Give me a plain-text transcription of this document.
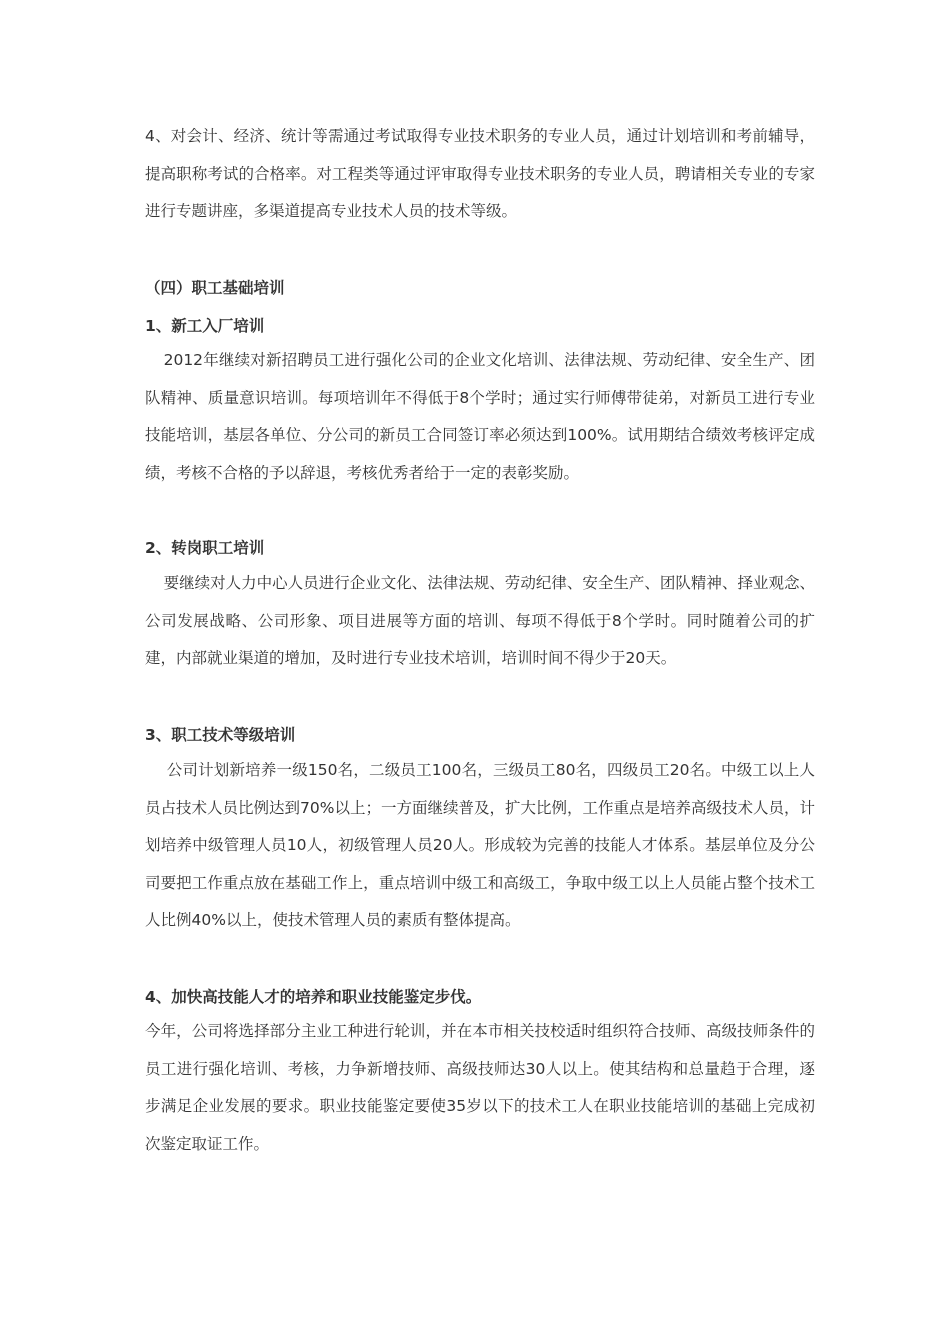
4、对会计、经济、统计等需通过考试取得专业技术职务的专业人员，通过计划培训和考前辅导，提高职称考试的合格率。对工程类等通过评审取得专业技术职务的专业人员，聘请相关专业的专家进行专题讲座，多渠道提高专业技术人员的技术等级。

（四）职工基础培训

1、新工入厂培训

2012年继续对新招聘员工进行强化公司的企业文化培训、法律法规、劳动纪律、安全生产、团队精神、质量意识培训。每项培训年不得低于8个学时；通过实行师傅带徒弟，对新员工进行专业技能培训，基层各单位、分公司的新员工合同签订率必须达到100%。试用期结合绩效考核评定成绩，考核不合格的予以辞退，考核优秀者给于一定的表彰奖励。

2、转岗职工培训

要继续对人力中心人员进行企业文化、法律法规、劳动纪律、安全生产、团队精神、择业观念、公司发展战略、公司形象、项目进展等方面的培训、每项不得低于8个学时。同时随着公司的扩建，内部就业渠道的增加，及时进行专业技术培训，培训时间不得少于20天。

3、职工技术等级培训

公司计划新培养一级150名，二级员工100名，三级员工80名，四级员工20名。中级工以上人员占技术人员比例达到70%以上；一方面继续普及，扩大比例，工作重点是培养高级技术人员，计划培养中级管理人员10人，初级管理人员20人。形成较为完善的技能人才体系。基层单位及分公司要把工作重点放在基础工作上，重点培训中级工和高级工，争取中级工以上人员能占整个技术工人比例40%以上，使技术管理人员的素质有整体提高。

4、加快高技能人才的培养和职业技能鉴定步伐。

今年，公司将选择部分主业工种进行轮训，并在本市相关技校适时组织符合技师、高级技师条件的员工进行强化培训、考核，力争新增技师、高级技师达30人以上。使其结构和总量趋于合理，逐步满足企业发展的要求。职业技能鉴定要使35岁以下的技术工人在职业技能培训的基础上完成初次鉴定取证工作。
